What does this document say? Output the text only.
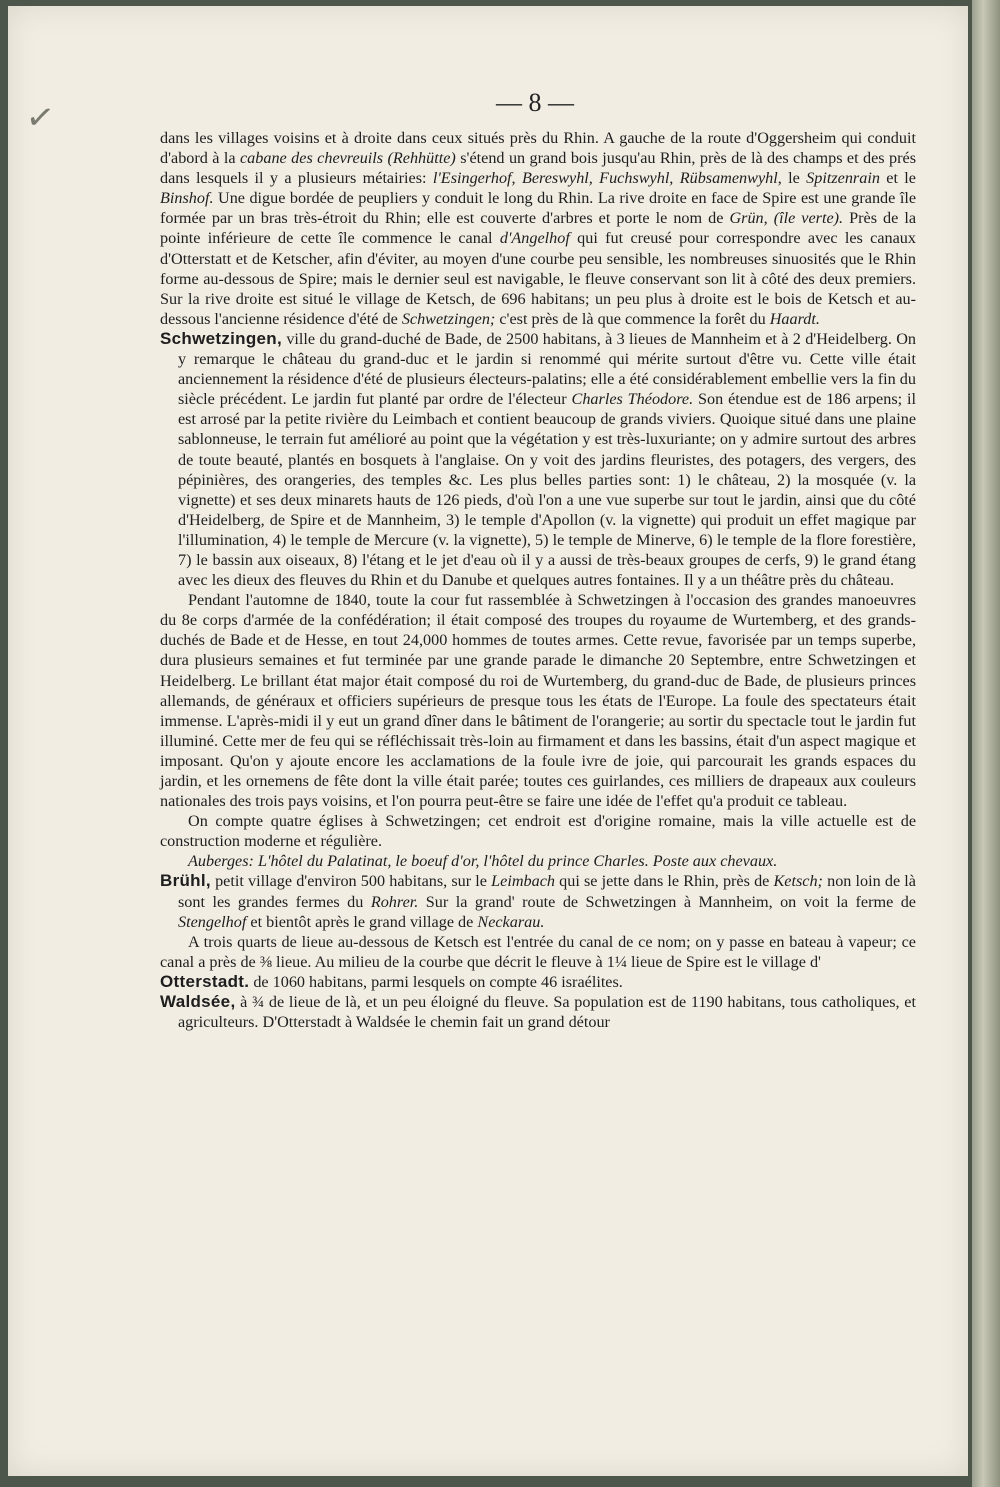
✓	— 8 —

dans les villages voisins et à droite dans ceux situés près du Rhin. A gauche de la route d'Oggersheim qui conduit d'abord à la cabane des chevreuils (Rehhütte) s'étend un grand bois jusqu'au Rhin, près de là des champs et des prés dans lesquels il y a plusieurs métairies: l'Esingerhof, Bereswyhl, Fuchswyhl, Rübsamenwyhl, le Spitzenrain et le Binshof. Une digue bordée de peupliers y conduit le long du Rhin. La rive droite en face de Spire est une grande île formée par un bras très-étroit du Rhin; elle est couverte d'arbres et porte le nom de Grün, (île verte). Près de la pointe inférieure de cette île commence le canal d'Angelhof qui fut creusé pour correspondre avec les canaux d'Otterstatt et de Ketscher, afin d'éviter, au moyen d'une courbe peu sensible, les nombreuses sinuosités que le Rhin forme au-dessous de Spire; mais le dernier seul est navigable, le fleuve conservant son lit à côté des deux premiers. Sur la rive droite est situé le village de Ketsch, de 696 habitans; un peu plus à droite est le bois de Ketsch et au-dessous l'ancienne résidence d'été de Schwetzingen; c'est près de là que commence la forêt du Haardt.

Schwetzingen, ville du grand-duché de Bade, de 2500 habitans, à 3 lieues de Mannheim et à 2 d'Heidelberg. On y remarque le château du grand-duc et le jardin si renommé qui mérite surtout d'être vu. Cette ville était anciennement la résidence d'été de plusieurs électeurs-palatins; elle a été considérablement embellie vers la fin du siècle précédent. Le jardin fut planté par ordre de l'électeur Charles Théodore. Son étendue est de 186 arpens; il est arrosé par la petite rivière du Leimbach et contient beaucoup de grands viviers. Quoique situé dans une plaine sablonneuse, le terrain fut amélioré au point que la végétation y est très-luxuriante; on y admire surtout des arbres de toute beauté, plantés en bosquets à l'anglaise. On y voit des jardins fleuristes, des potagers, des vergers, des pépinières, des orangeries, des temples &c. Les plus belles parties sont: 1) le château, 2) la mosquée (v. la vignette) et ses deux minarets hauts de 126 pieds, d'où l'on a une vue superbe sur tout le jardin, ainsi que du côté d'Heidelberg, de Spire et de Mannheim, 3) le temple d'Apollon (v. la vignette) qui produit un effet magique par l'illumination, 4) le temple de Mercure (v. la vignette), 5) le temple de Minerve, 6) le temple de la flore forestière, 7) le bassin aux oiseaux, 8) l'étang et le jet d'eau où il y a aussi de très-beaux groupes de cerfs, 9) le grand étang avec les dieux des fleuves du Rhin et du Danube et quelques autres fontaines. Il y a un théâtre près du château.

Pendant l'automne de 1840, toute la cour fut rassemblée à Schwetzingen à l'occasion des grandes manoeuvres du 8e corps d'armée de la confédération; il était composé des troupes du royaume de Wurtemberg, et des grands-duchés de Bade et de Hesse, en tout 24,000 hommes de toutes armes. Cette revue, favorisée par un temps superbe, dura plusieurs semaines et fut terminée par une grande parade le dimanche 20 Septembre, entre Schwetzingen et Heidelberg. Le brillant état major était composé du roi de Wurtemberg, du grand-duc de Bade, de plusieurs princes allemands, de généraux et officiers supérieurs de presque tous les états de l'Europe. La foule des spectateurs était immense. L'après-midi il y eut un grand dîner dans le bâtiment de l'orangerie; au sortir du spectacle tout le jardin fut illuminé. Cette mer de feu qui se réfléchissait très-loin au firmament et dans les bassins, était d'un aspect magique et imposant. Qu'on y ajoute encore les acclamations de la foule ivre de joie, qui parcourait les grands espaces du jardin, et les ornemens de fête dont la ville était parée; toutes ces guirlandes, ces milliers de drapeaux aux couleurs nationales des trois pays voisins, et l'on pourra peut-être se faire une idée de l'effet qu'a produit ce tableau.

On compte quatre églises à Schwetzingen; cet endroit est d'origine romaine, mais la ville actuelle est de construction moderne et régulière.

Auberges: L'hôtel du Palatinat, le boeuf d'or, l'hôtel du prince Charles. Poste aux chevaux.

Brühl, petit village d'environ 500 habitans, sur le Leimbach qui se jette dans le Rhin, près de Ketsch; non loin de là sont les grandes fermes du Rohrer. Sur la grand' route de Schwetzingen à Mannheim, on voit la ferme de Stengelhof et bientôt après le grand village de Neckarau.

A trois quarts de lieue au-dessous de Ketsch est l'entrée du canal de ce nom; on y passe en bateau à vapeur; ce canal a près de ⅜ lieue. Au milieu de la courbe que décrit le fleuve à 1¼ lieue de Spire est le village d'

Otterstadt. de 1060 habitans, parmi lesquels on compte 46 israélites.

Waldsée, à ¾ de lieue de là, et un peu éloigné du fleuve. Sa population est de 1190 habitans, tous catholiques, et agriculteurs. D'Otterstadt à Waldsée le chemin fait un grand détour
